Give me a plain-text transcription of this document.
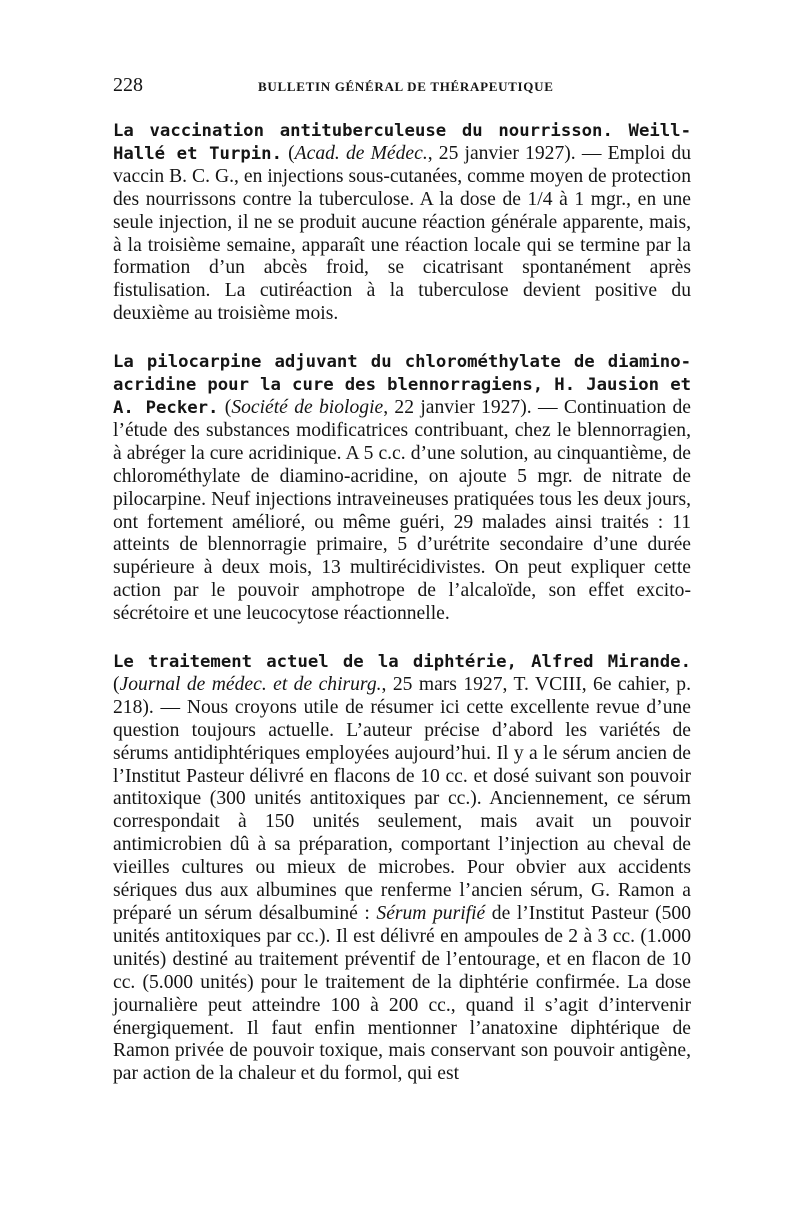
228	BULLETIN GÉNÉRAL DE THÉRAPEUTIQUE

La vaccination antituberculeuse du nourrisson. Weill-Hallé et Turpin. (Acad. de Médec., 25 janvier 1927). — Emploi du vaccin B. C. G., en injections sous-cutanées, comme moyen de protection des nourrissons contre la tuberculose. A la dose de 1/4 à 1 mgr., en une seule injection, il ne se produit aucune réaction générale apparente, mais, à la troisième semaine, apparaît une réaction locale qui se termine par la formation d’un abcès froid, se cicatrisant spontanément après fistulisation. La cutiréaction à la tuberculose devient positive du deuxième au troisième mois.

La pilocarpine adjuvant du chlorométhylate de diamino-acridine pour la cure des blennorragiens, H. Jausion et A. Pecker. (Société de biologie, 22 janvier 1927). — Continuation de l’étude des substances modificatrices contribuant, chez le blennorragien, à abréger la cure acridinique. A 5 c.c. d’une solution, au cinquantième, de chlorométhylate de diamino-acridine, on ajoute 5 mgr. de nitrate de pilocarpine. Neuf injections intraveineuses pratiquées tous les deux jours, ont fortement amélioré, ou même guéri, 29 malades ainsi traités : 11 atteints de blennorragie primaire, 5 d’urétrite secondaire d’une durée supérieure à deux mois, 13 multirécidivistes. On peut expliquer cette action par le pouvoir amphotrope de l’alcaloïde, son effet excito-sécrétoire et une leucocytose réactionnelle.

Le traitement actuel de la diphtérie, Alfred Mirande. (Journal de médec. et de chirurg., 25 mars 1927, T. VCIII, 6e cahier, p. 218). — Nous croyons utile de résumer ici cette excellente revue d’une question toujours actuelle. L’auteur précise d’abord les variétés de sérums antidiphtériques employées aujourd’hui. Il y a le sérum ancien de l’Institut Pasteur délivré en flacons de 10 cc. et dosé suivant son pouvoir antitoxique (300 unités antitoxiques par cc.). Anciennement, ce sérum correspondait à 150 unités seulement, mais avait un pouvoir antimicrobien dû à sa préparation, comportant l’injection au cheval de vieilles cultures ou mieux de microbes. Pour obvier aux accidents sériques dus aux albumines que renferme l’ancien sérum, G. Ramon a préparé un sérum désalbuminé : Sérum purifié de l’Institut Pasteur (500 unités antitoxiques par cc.). Il est délivré en ampoules de 2 à 3 cc. (1.000 unités) destiné au traitement préventif de l’entourage, et en flacon de 10 cc. (5.000 unités) pour le traitement de la diphtérie confirmée. La dose journalière peut atteindre 100 à 200 cc., quand il s’agit d’intervenir énergiquement. Il faut enfin mentionner l’anatoxine diphtérique de Ramon privée de pouvoir toxique, mais conservant son pouvoir antigène, par action de la chaleur et du formol, qui est
